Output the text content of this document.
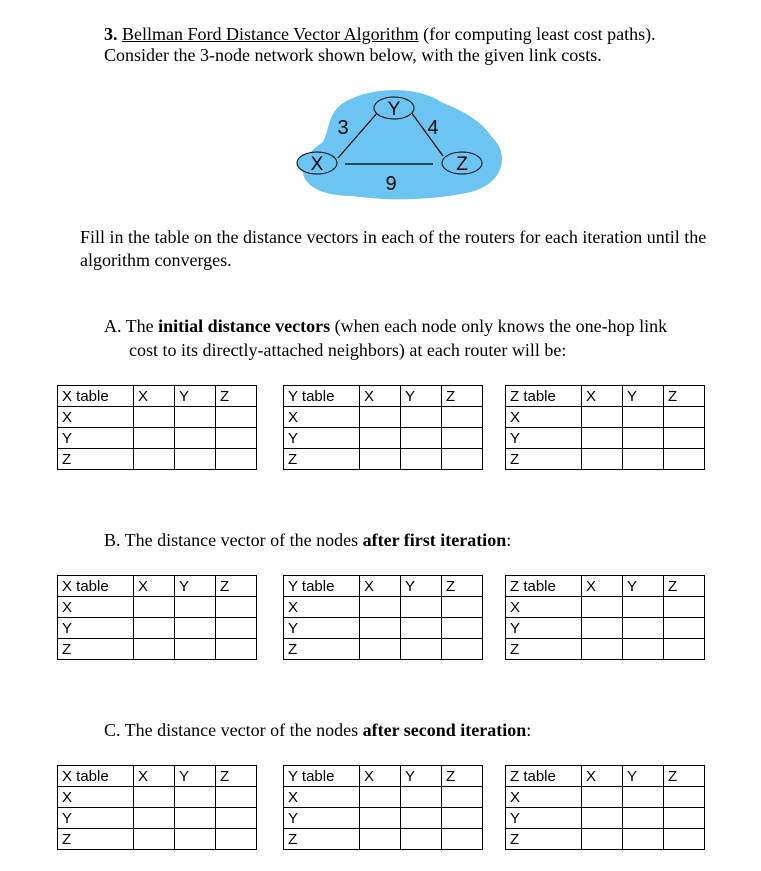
3. Bellman Ford Distance Vector Algorithm (for computing least cost paths).
Consider the 3-node network shown below, with the given link costs.
Y
X	Z
3	4
9
Fill in the table on the distance vectors in each of the routers for each iteration until the algorithm converges.
A. The initial distance vectors (when each node only knows the one-hop link
cost to its directly-attached neighbors) at each router will be:
B. The distance vector of the nodes after first iteration:
C. The distance vector of the nodes after second iteration:
X table	X	Y	Z
X			
Y			
Z			
Y table	X	Y	Z
X			
Y			
Z			
Z table	X	Y	Z
X			
Y			
Z			
X table	X	Y	Z
X			
Y			
Z			
Y table	X	Y	Z
X			
Y			
Z			
Z table	X	Y	Z
X			
Y			
Z			
X table	X	Y	Z
X			
Y			
Z			
Y table	X	Y	Z
X			
Y			
Z			
Z table	X	Y	Z
X			
Y			
Z			
